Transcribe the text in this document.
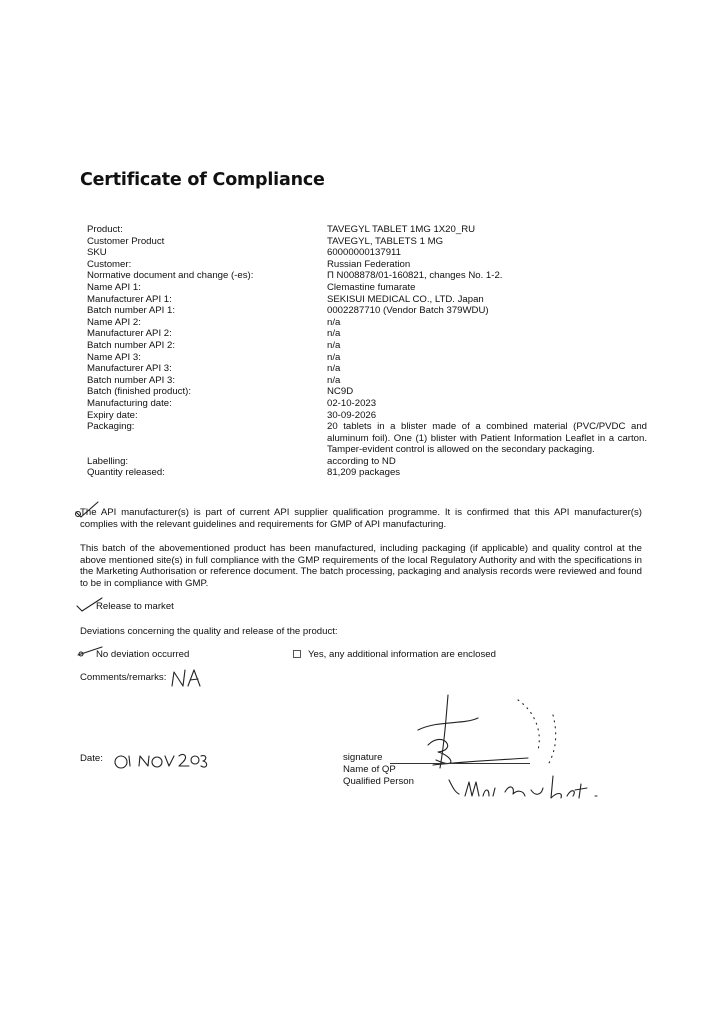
Certificate of Compliance
Product:	TAVEGYL TABLET 1MG 1X20_RU
Customer Product	TAVEGYL, TABLETS 1 MG
SKU	60000000137911
Customer:	Russian Federation
Normative document and change (-es):	П N008878/01-160821, changes No. 1-2.
Name API 1:	Clemastine fumarate
Manufacturer API 1:	SEKISUI MEDICAL CO., LTD. Japan
Batch number API 1:	0002287710 (Vendor Batch 379WDU)
Name API 2:	n/a
Manufacturer API 2:	n/a
Batch number API 2:	n/a
Name API 3:	n/a
Manufacturer API 3:	n/a
Batch number API 3:	n/a
Batch (finished product):	NC9D
Manufacturing date:	02-10-2023
Expiry date:	30-09-2026
Packaging:	20 tablets in a blister made of a combined material (PVC/PVDC and aluminum foil). One (1) blister with Patient Information Leaflet in a carton. Tamper-evident control is allowed on the secondary packaging.
Labelling:	according to ND
Quantity released:	81,209 packages
The API manufacturer(s) is part of current API supplier qualification programme. It is confirmed that this API manufacturer(s) complies with the relevant guidelines and requirements for GMP of API manufacturing.
This batch of the abovementioned product has been manufactured, including packaging (if applicable) and quality control at the above mentioned site(s) in full compliance with the GMP requirements of the local Regulatory Authority and with the specifications in the Marketing Authorisation or reference document. The batch processing, packaging and analysis records were reviewed and found to be in compliance with GMP.
Release to market
Deviations concerning the quality and release of the product:
No deviation occurred	Yes, any additional information are enclosed
Comments/remarks:
Date:	signature
Name of QP
Qualified Person
